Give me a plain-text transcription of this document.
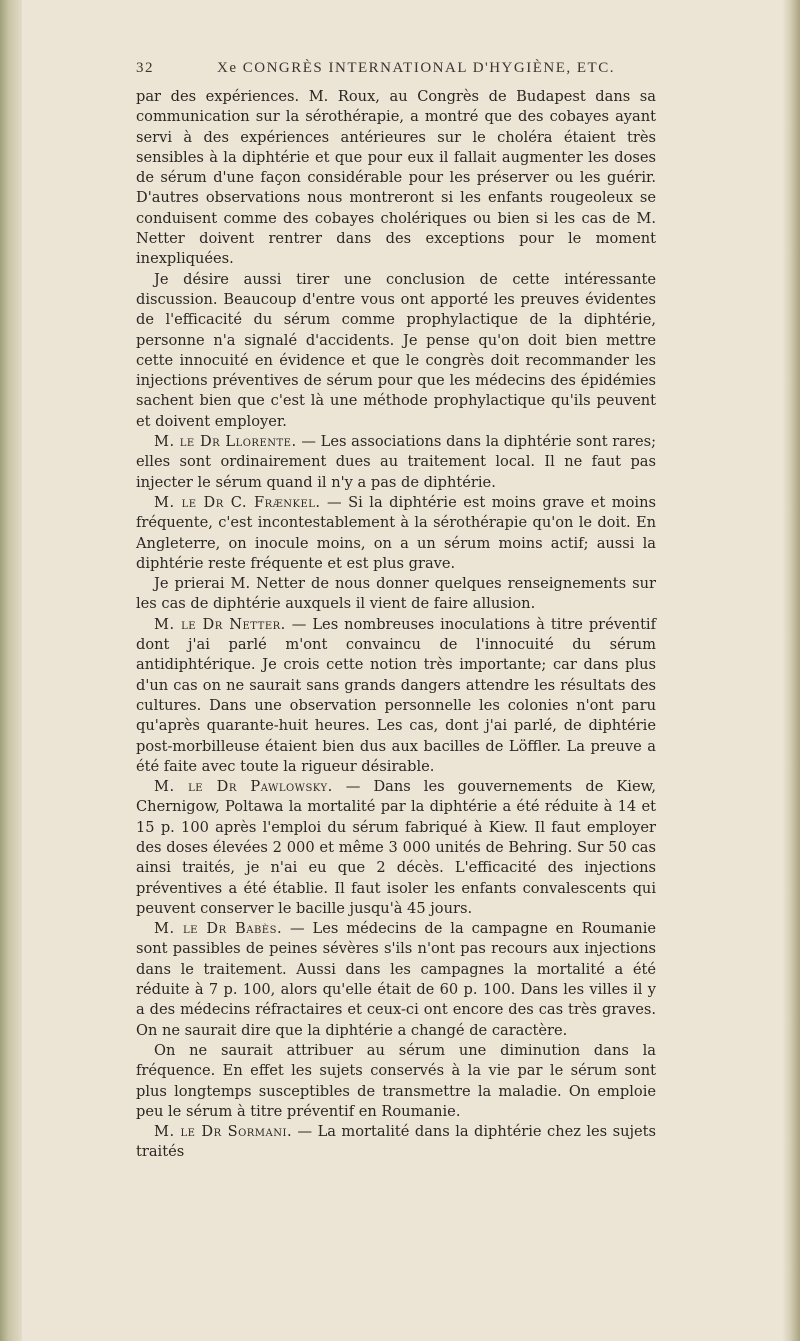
32	Xe CONGRÈS INTERNATIONAL D'HYGIÈNE, ETC.

par des expériences. M. Roux, au Congrès de Budapest dans sa communication sur la sérothérapie, a montré que des cobayes ayant servi à des expériences antérieures sur le choléra étaient très sensibles à la diphtérie et que pour eux il fallait augmenter les doses de sérum d'une façon considérable pour les préserver ou les guérir. D'autres observations nous montreront si les enfants rougeoleux se conduisent comme des cobayes cholériques ou bien si les cas de M. Netter doivent rentrer dans des exceptions pour le moment inexpliquées.

Je désire aussi tirer une conclusion de cette intéressante discussion. Beaucoup d'entre vous ont apporté les preuves évidentes de l'efficacité du sérum comme prophylactique de la diphtérie, personne n'a signalé d'accidents. Je pense qu'on doit bien mettre cette innocuité en évidence et que le congrès doit recommander les injections préventives de sérum pour que les médecins des épidémies sachent bien que c'est là une méthode prophylactique qu'ils peuvent et doivent employer.

M. le Dr Llorente. — Les associations dans la diphtérie sont rares; elles sont ordinairement dues au traitement local. Il ne faut pas injecter le sérum quand il n'y a pas de diphtérie.

M. le Dr C. Frænkel. — Si la diphtérie est moins grave et moins fréquente, c'est incontestablement à la sérothérapie qu'on le doit. En Angleterre, on inocule moins, on a un sérum moins actif; aussi la diphtérie reste fréquente et est plus grave.

Je prierai M. Netter de nous donner quelques renseignements sur les cas de diphtérie auxquels il vient de faire allusion.

M. le Dr Netter. — Les nombreuses inoculations à titre préventif dont j'ai parlé m'ont convaincu de l'innocuité du sérum antidiphtérique. Je crois cette notion très importante; car dans plus d'un cas on ne saurait sans grands dangers attendre les résultats des cultures. Dans une observation personnelle les colonies n'ont paru qu'après quarante-huit heures. Les cas, dont j'ai parlé, de diphtérie post-morbilleuse étaient bien dus aux bacilles de Löffler. La preuve a été faite avec toute la rigueur désirable.

M. le Dr Pawlowsky. — Dans les gouvernements de Kiew, Chernigow, Poltawa la mortalité par la diphtérie a été réduite à 14 et 15 p. 100 après l'emploi du sérum fabriqué à Kiew. Il faut employer des doses élevées 2 000 et même 3 000 unités de Behring. Sur 50 cas ainsi traités, je n'ai eu que 2 décès. L'efficacité des injections préventives a été établie. Il faut isoler les enfants convalescents qui peuvent conserver le bacille jusqu'à 45 jours.

M. le Dr Babès. — Les médecins de la campagne en Roumanie sont passibles de peines sévères s'ils n'ont pas recours aux injections dans le traitement. Aussi dans les campagnes la mortalité a été réduite à 7 p. 100, alors qu'elle était de 60 p. 100. Dans les villes il y a des médecins réfractaires et ceux-ci ont encore des cas très graves. On ne saurait dire que la diphtérie a changé de caractère.

On ne saurait attribuer au sérum une diminution dans la fréquence. En effet les sujets conservés à la vie par le sérum sont plus longtemps susceptibles de transmettre la maladie. On emploie peu le sérum à titre préventif en Roumanie.

M. le Dr Sormani. — La mortalité dans la diphtérie chez les sujets traités
